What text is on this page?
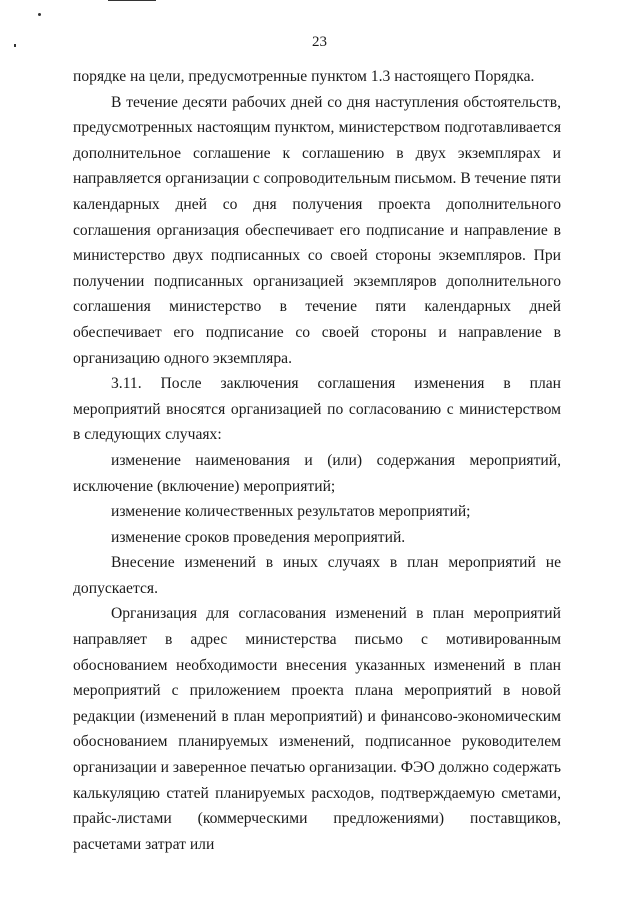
23

порядке на цели, предусмотренные пунктом 1.3 настоящего Порядка.

В течение десяти рабочих дней со дня наступления обстоятельств, предусмотренных настоящим пунктом, министерством подготавливается дополнительное соглашение к соглашению в двух экземплярах и направляется организации с сопроводительным письмом. В течение пяти календарных дней со дня получения проекта дополнительного соглашения организация обеспечивает его подписание и направление в министерство двух подписанных со своей стороны экземпляров. При получении подписанных организацией экземпляров дополнительного соглашения министерство в течение пяти календарных дней обеспечивает его подписание со своей стороны и направление в организацию одного экземпляра.

3.11. После заключения соглашения изменения в план мероприятий вносятся организацией по согласованию с министерством в следующих случаях:

изменение наименования и (или) содержания мероприятий, исключение (включение) мероприятий;

изменение количественных результатов мероприятий;

изменение сроков проведения мероприятий.

Внесение изменений в иных случаях в план мероприятий не допускается.

Организация для согласования изменений в план мероприятий направляет в адрес министерства письмо с мотивированным обоснованием необходимости внесения указанных изменений в план мероприятий с приложением проекта плана мероприятий в новой редакции (изменений в план мероприятий) и финансово-экономическим обоснованием планируемых изменений, подписанное руководителем организации и заверенное печатью организации. ФЭО должно содержать калькуляцию статей планируемых расходов, подтверждаемую сметами, прайс-листами (коммерческими предложениями) поставщиков, расчетами затрат или
